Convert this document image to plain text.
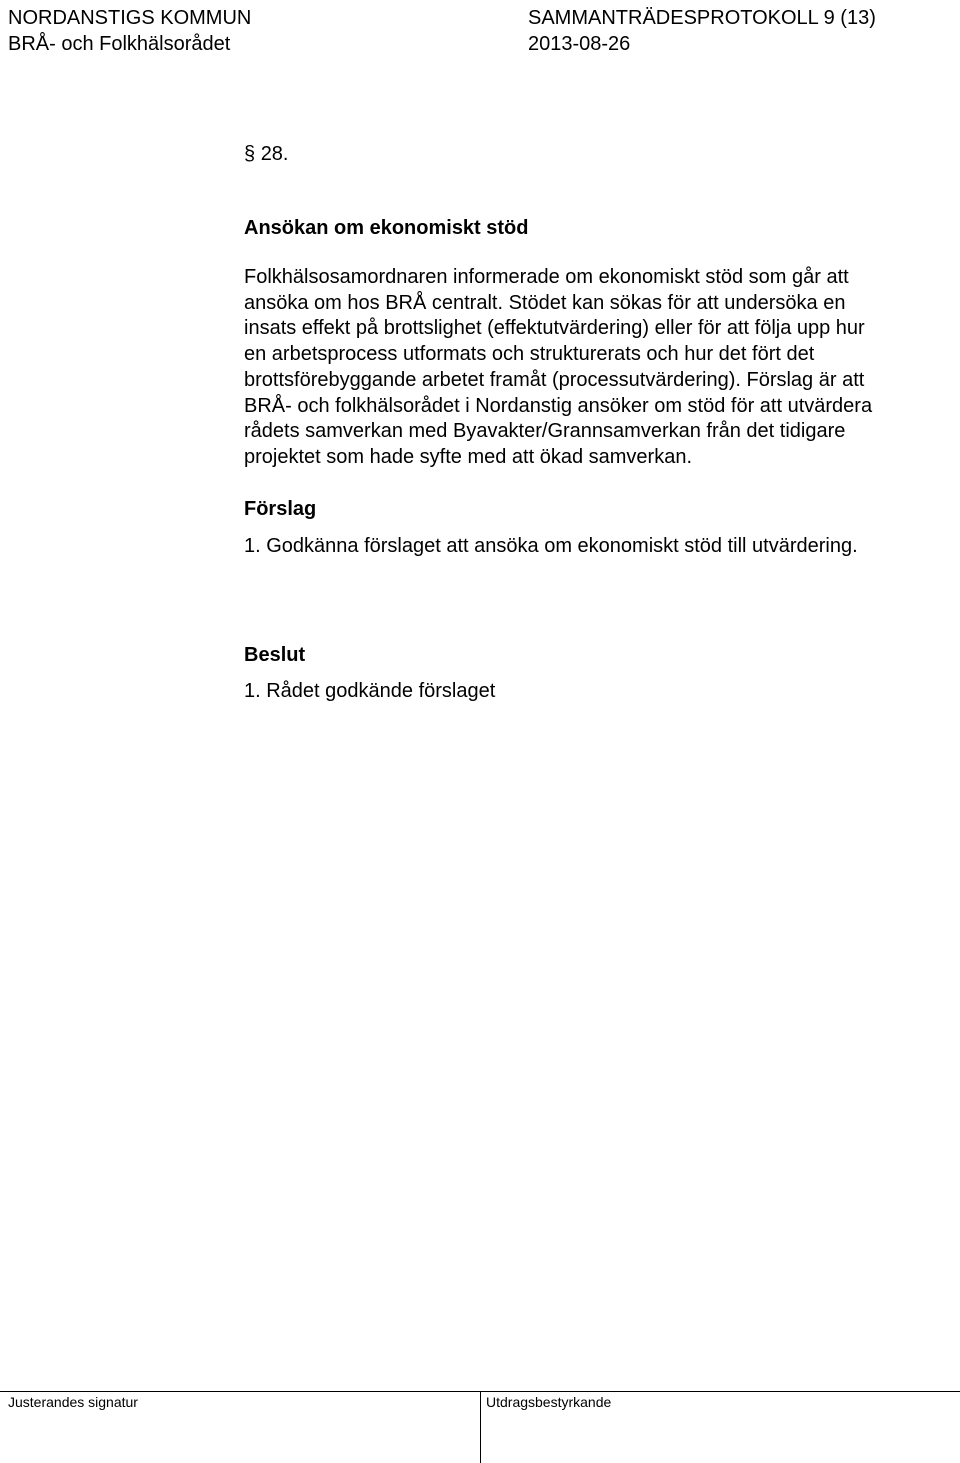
NORDANSTIGS KOMMUN	SAMMANTRÄDESPROTOKOLL 9 (13)
BRÅ- och Folkhälsorådet	2013-08-26
§ 28.
Ansökan om ekonomiskt stöd
Folkhälsosamordnaren informerade om ekonomiskt stöd som går att
ansöka om hos BRÅ centralt. Stödet kan sökas för att undersöka en
insats effekt på brottslighet (effektutvärdering) eller för att följa upp hur
en arbetsprocess utformats och strukturerats och hur det fört det
brottsförebyggande arbetet framåt (processutvärdering). Förslag är att
BRÅ- och folkhälsorådet i Nordanstig ansöker om stöd för att utvärdera
rådets samverkan med Byavakter/Grannsamverkan från det tidigare
projektet som hade syfte med att ökad samverkan.
Förslag
1. Godkänna förslaget att ansöka om ekonomiskt stöd till utvärdering.
Beslut
1. Rådet godkände förslaget
Justerandes signatur	Utdragsbestyrkande
